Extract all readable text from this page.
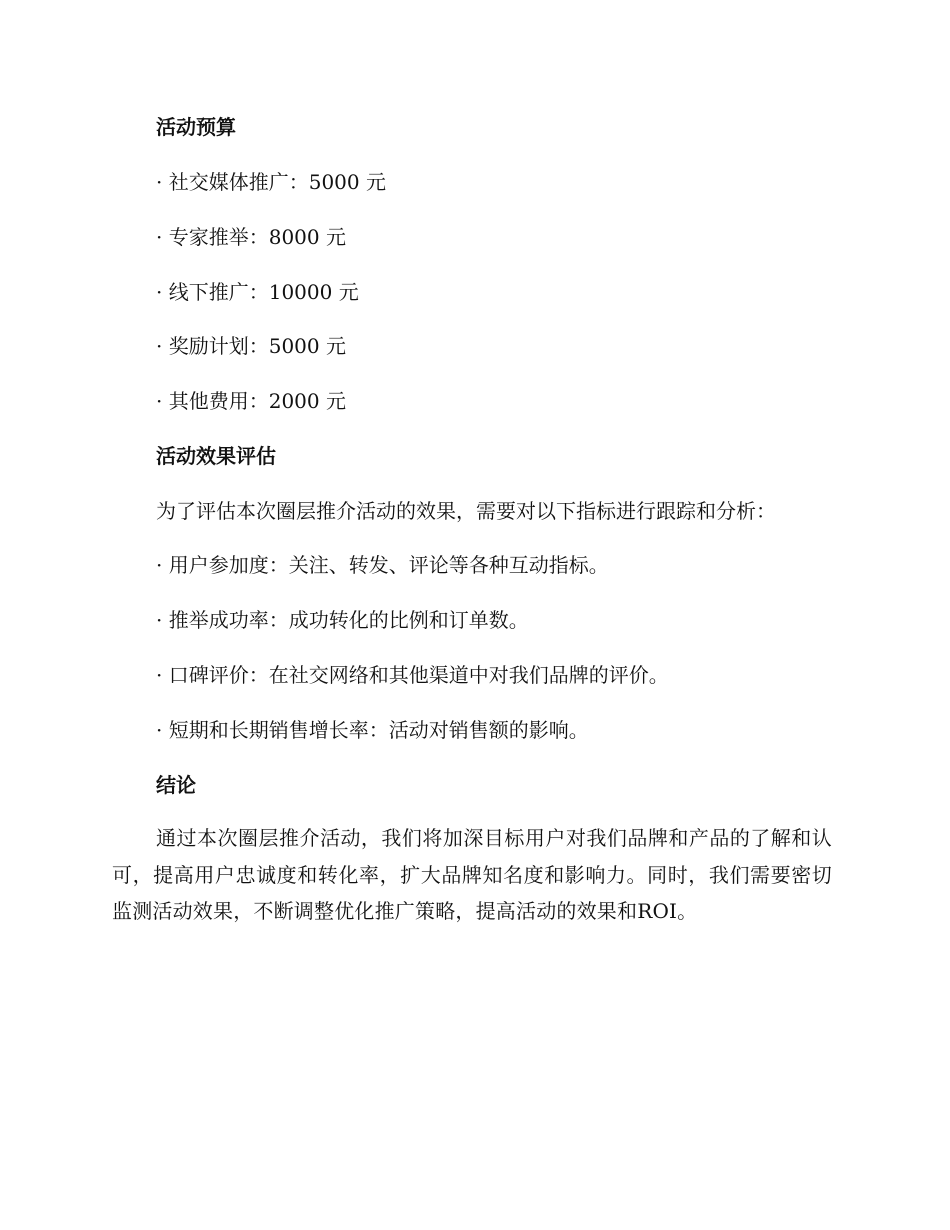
活动预算
· 社交媒体推广：5000 元
· 专家推举：8000 元
· 线下推广：10000 元
· 奖励计划：5000 元
· 其他费用：2000 元
活动效果评估
为了评估本次圈层推介活动的效果，需要对以下指标进行跟踪和分析：
· 用户参加度：关注、转发、评论等各种互动指标。
· 推举成功率：成功转化的比例和订单数。
· 口碑评价：在社交网络和其他渠道中对我们品牌的评价。
· 短期和长期销售增长率：活动对销售额的影响。
结论
通过本次圈层推介活动，我们将加深目标用户对我们品牌和产品的了解和认可，提高用户忠诚度和转化率，扩大品牌知名度和影响力。同时，我们需要密切监测活动效果，不断调整优化推广策略，提高活动的效果和ROI。
